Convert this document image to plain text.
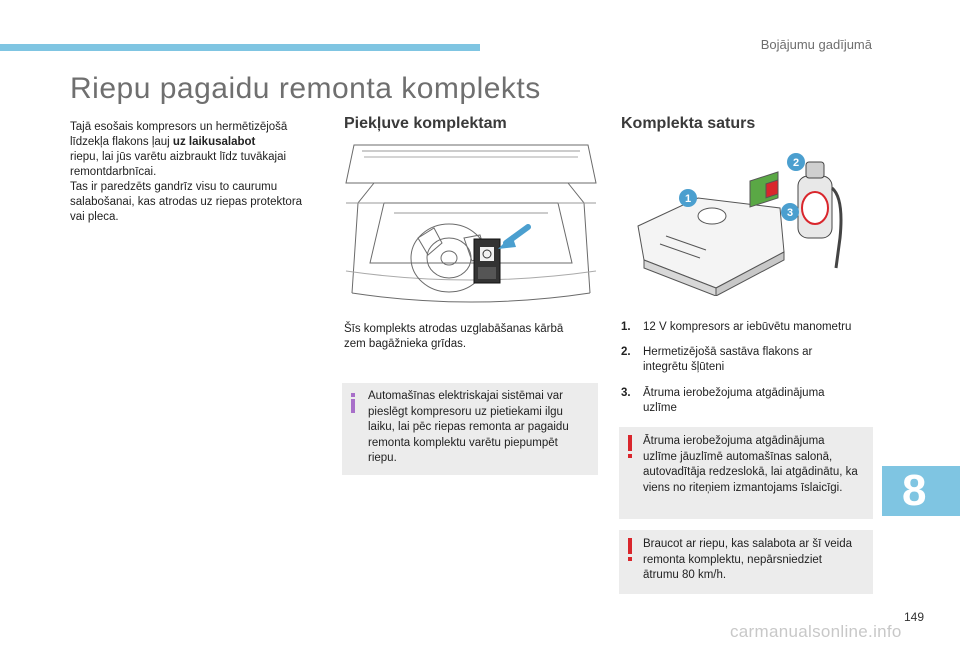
Bojājumu gadījumā
Riepu pagaidu remonta komplekts

Tajā esošais kompresors un hermētizējošā

līdzekļa flakons ļauj uz laikusalabot

riepu, lai jūs varētu aizbraukt līdz tuvākajai

remontdarbnīcai.

Tas ir paredzēts gandrīz visu to caurumu

salabošanai, kas atrodas uz riepas protektora

vai pleca.

Piekļuve komplektam	Komplekta saturs
1
2
3
Šīs komplekts atrodas uzglabāšanas kārbā
zem bagāžnieka grīdas.
Automašīnas elektriskajai sistēmai var
pieslēgt kompresoru uz pietiekami ilgu
laiku, lai pēc riepas remonta ar pagaidu
remonta komplektu varētu piepumpēt
riepu.
1. 12 V kompresors ar iebūvētu manometru
2. Hermetizējošā sastāva flakons ar
integrētu šļūteni
3. Ātruma ierobežojuma atgādinājuma
uzlīme
Ātruma ierobežojuma atgādinājuma
uzlīme jāuzlīmē automašīnas salonā,
autovadītāja redzeslokā, lai atgādinātu, ka
viens no riteņiem izmantojams īslaicīgi.
Braucot ar riepu, kas salabota ar šī veida
remonta komplektu, nepārsniedziet
ātrumu 80 km/h.
8
149
carmanualsonline.info
